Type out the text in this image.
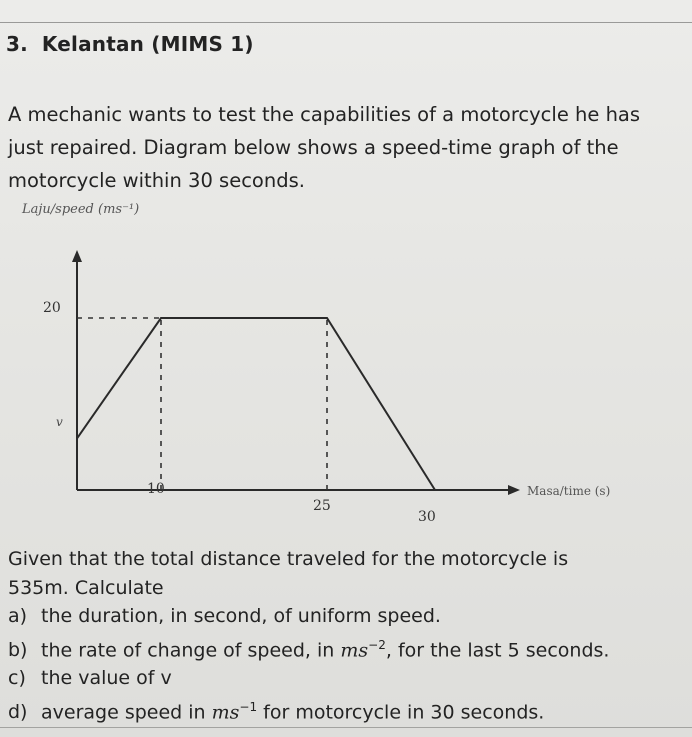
3. Kelantan (MIMS 1)
A mechanic wants to test the capabilities of a motorcycle he has just repaired. Diagram below shows a speed-time graph of the motorcycle within 30 seconds.
Laju/speed (ms⁻¹)
20
v
10
25
30
Masa/time (s)
Given that the total distance traveled for the motorcycle is 535m. Calculate
a) the duration, in second, of uniform speed.
b) the rate of change of speed, in $ms^{-2}$, for the last 5 seconds.
c) the value of v
d) average speed in $ms^{-1}$ for motorcycle in 30 seconds.
